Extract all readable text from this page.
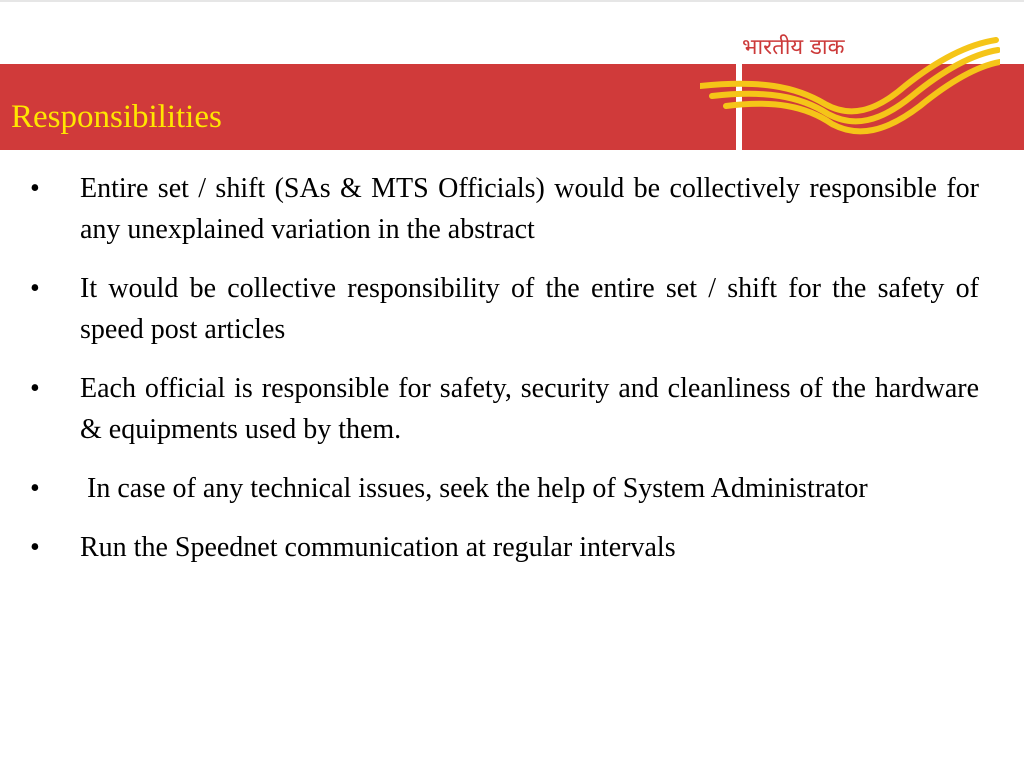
भारतीय डाक
Responsibilities
•	Entire set / shift (SAs & MTS Officials) would be collectively responsible for any unexplained variation in the abstract
•	It would be collective responsibility of the entire set / shift for the safety of speed post articles
•	Each official is responsible for safety, security and cleanliness of the hardware & equipments used by them.
•	In case of any technical issues, seek the help of System Administrator
•	Run the Speednet communication at regular intervals
